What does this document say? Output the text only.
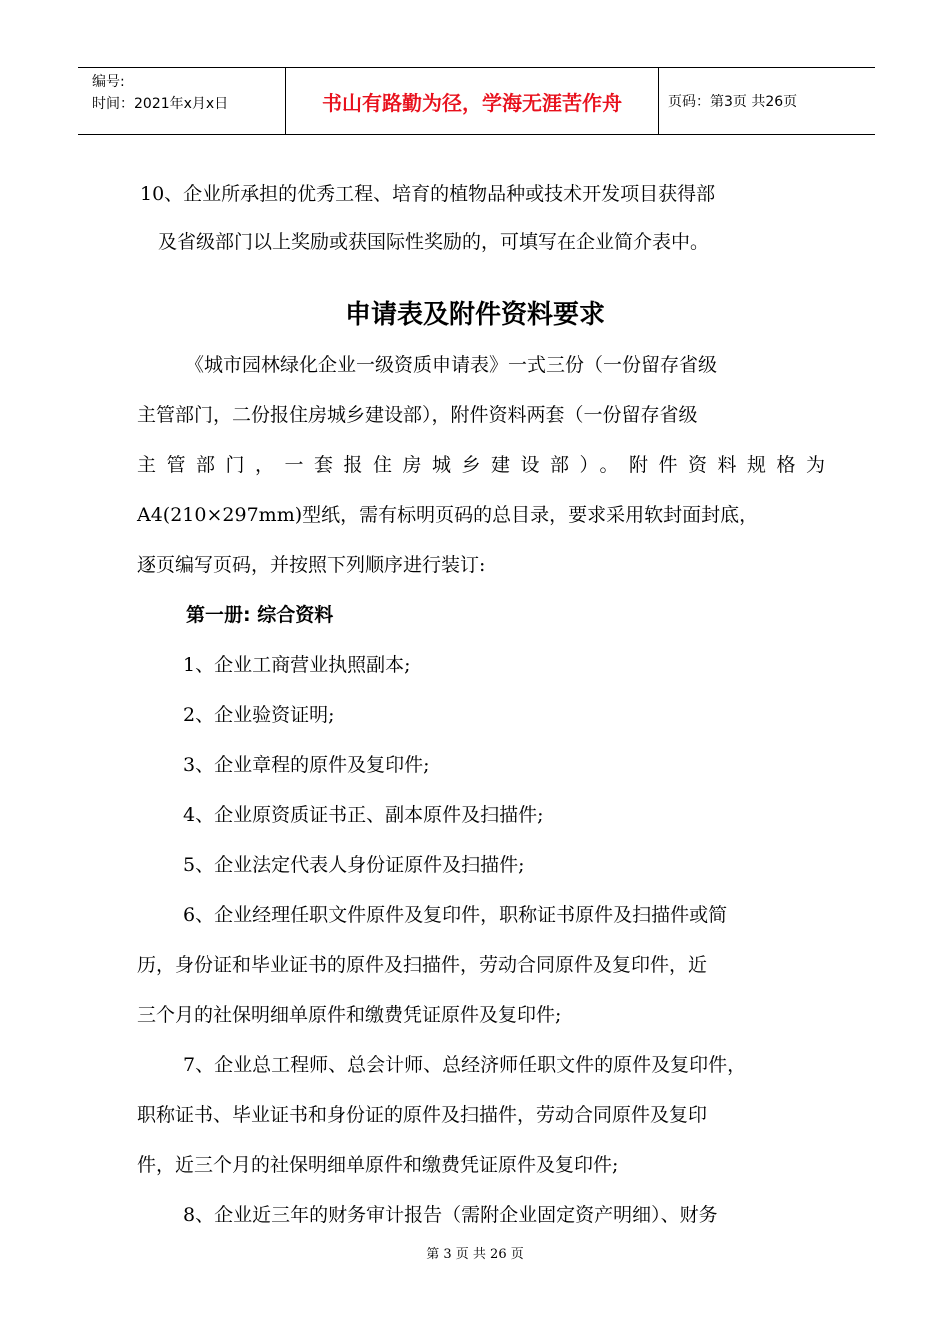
编号:
时间：2021年x月x日	书山有路勤为径，学海无涯苦作舟	页码：第3页 共26页
10、企业所承担的优秀工程、培育的植物品种或技术开发项目获得部
及省级部门以上奖励或获国际性奖励的，可填写在企业简介表中。
申请表及附件资料要求
《城市园林绿化企业一级资质申请表》一式三份（一份留存省级
主管部门，二份报住房城乡建设部），附件资料两套（一份留存省级
主管部门，一套报住房城乡建设部）。附件资料规格为
A4(210×297mm)型纸，需有标明页码的总目录，要求采用软封面封底，
逐页编写页码，并按照下列顺序进行装订:
第一册: 综合资料
1、企业工商营业执照副本;
2、企业验资证明;
3、企业章程的原件及复印件;
4、企业原资质证书正、副本原件及扫描件;
5、企业法定代表人身份证原件及扫描件;
6、企业经理任职文件原件及复印件，职称证书原件及扫描件或简
历，身份证和毕业证书的原件及扫描件，劳动合同原件及复印件，近
三个月的社保明细单原件和缴费凭证原件及复印件;
7、企业总工程师、总会计师、总经济师任职文件的原件及复印件，
职称证书、毕业证书和身份证的原件及扫描件，劳动合同原件及复印
件，近三个月的社保明细单原件和缴费凭证原件及复印件;
8、企业近三年的财务审计报告（需附企业固定资产明细）、财务
第 3 页 共 26 页
